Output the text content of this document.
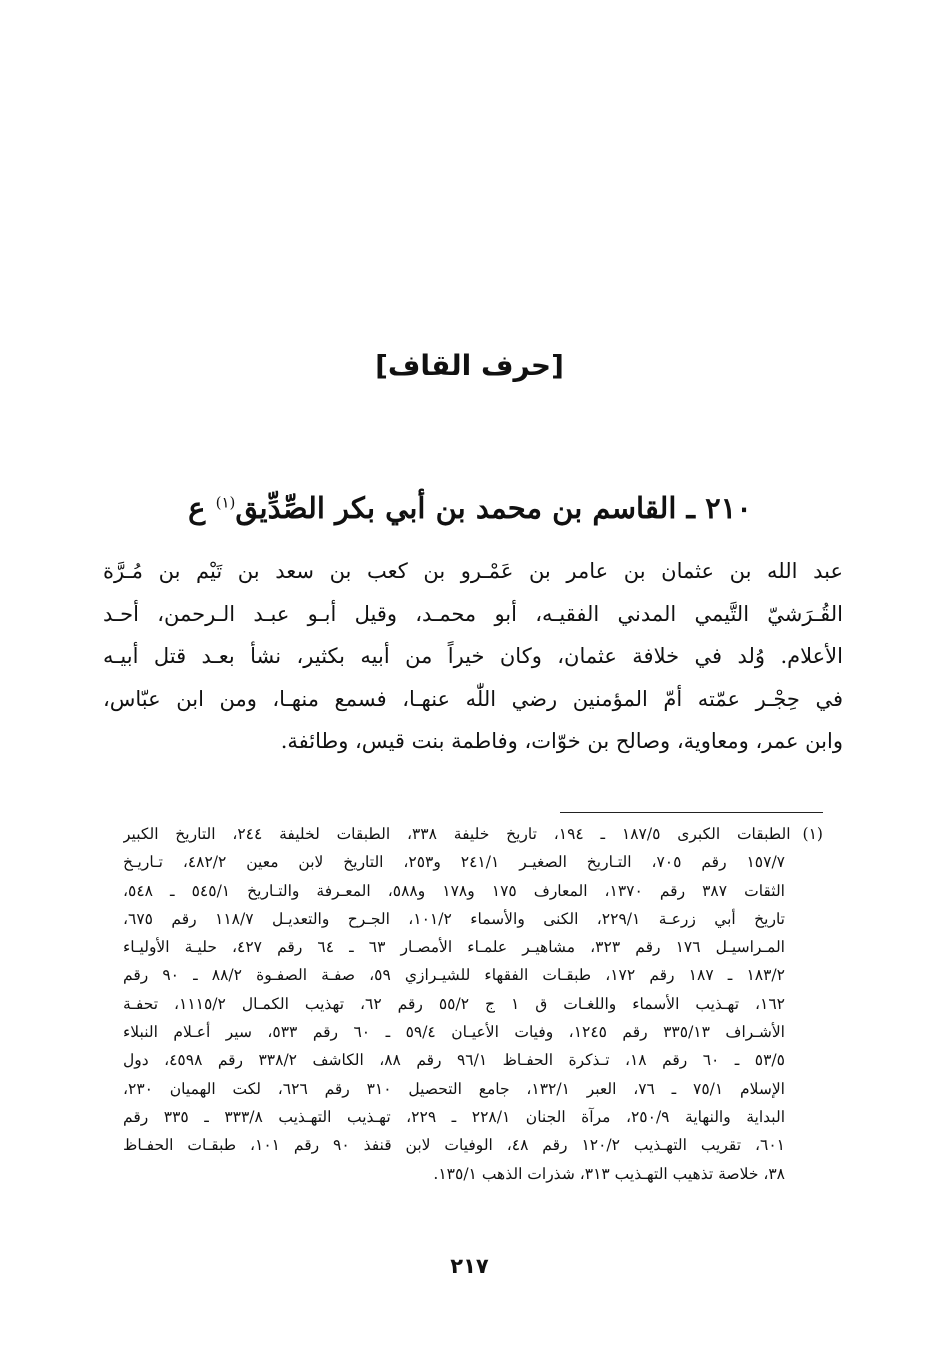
[حرف القاف]
٢١٠ ـ القاسم بن محمد بن أبي بكر الصِّدِّيق$^{(١)}$ ع
عبد الله بن عثمان بن عامر بن عَمْـرو بن كعب بن سعد بن تَيْم بن مُـرَّة
القُـرَشيّ التَّيمي المدني الفقيـه، أبو محمـد، وقيل أبـو عبـد الـرحمن، أحـد
الأعلام. وُلد في خلافة عثمان، وكان خيراً من أبيه بكثير، نشأ بعـد قتل أبيـه
في حِجْـر عمّته أمّ المؤمنين رضي اللّٰه عنهـا، فسمع منهـا، ومن ابن عبّاس،
وابن عمر، ومعاوية، وصالح بن خوّات، وفاطمة بنت قيس، وطائفة.
(١)الطبقات الكبرى ١٨٧/٥ ـ ١٩٤، تاريخ خليفة ٣٣٨، الطبقات لخليفة ٢٤٤، التاريخ الكبير
١٥٧/٧ رقم ٧٠٥، التـاريخ الصغيـر ٢٤١/١ و٢٥٣، التاريخ لابن معين ٤٨٢/٢، تـاريـخ
الثقات ٣٨٧ رقم ١٣٧٠، المعارف ١٧٥ و١٧٨ و٥٨٨، المعـرفة والتـاريخ ٥٤٥/١ ـ ٥٤٨،
تاريخ أبي زرعـة ٢٢٩/١، الكنى والأسماء ١٠١/٢، الجـرح والتعديـل ١١٨/٧ رقم ٦٧٥،
المـراسيـل ١٧٦ رقم ٣٢٣، مشاهيـر علمـاء الأمصـار ٦٣ ـ ٦٤ رقم ٤٢٧، حليـة الأوليـاء
١٨٣/٢ ـ ١٨٧ رقم ١٧٢، طبقـات الفقهاء للشيـرازي ٥٩، صفـة الصفـوة ٨٨/٢ ـ ٩٠ رقم
١٦٢، تهـذيب الأسماء واللغـات ق ١ ج ٥٥/٢ رقم ٦٢، تهذيب الكمـال ١١١٥/٢، تحفـة
الأشـراف ٣٣٥/١٣ رقم ١٢٤٥، وفيات الأعيـان ٥٩/٤ ـ ٦٠ رقم ٥٣٣، سير أعـلام النبلاء
٥٣/٥ ـ ٦٠ رقم ١٨، تـذكرة الحفـاظ ٩٦/١ رقم ٨٨، الكاشف ٣٣٨/٢ رقم ٤٥٩٨، دول
الإسلام ٧٥/١ ـ ٧٦، العبر ١٣٢/١، جامع التحصيل ٣١٠ رقم ٦٢٦، لكت الهميان ٢٣٠،
البداية والنهاية ٢٥٠/٩، مرآة الجنان ٢٢٨/١ ـ ٢٢٩، تهـذيب التهـذيب ٣٣٣/٨ ـ ٣٣٥ رقم
٦٠١، تقريب التهـذيب ١٢٠/٢ رقم ٤٨، الوفيات لابن قنفذ ٩٠ رقم ١٠١، طبقـات الحفـاظ
٣٨، خلاصة تذهيب التهـذيب ٣١٣، شذرات الذهب ١٣٥/١.
٢١٧
